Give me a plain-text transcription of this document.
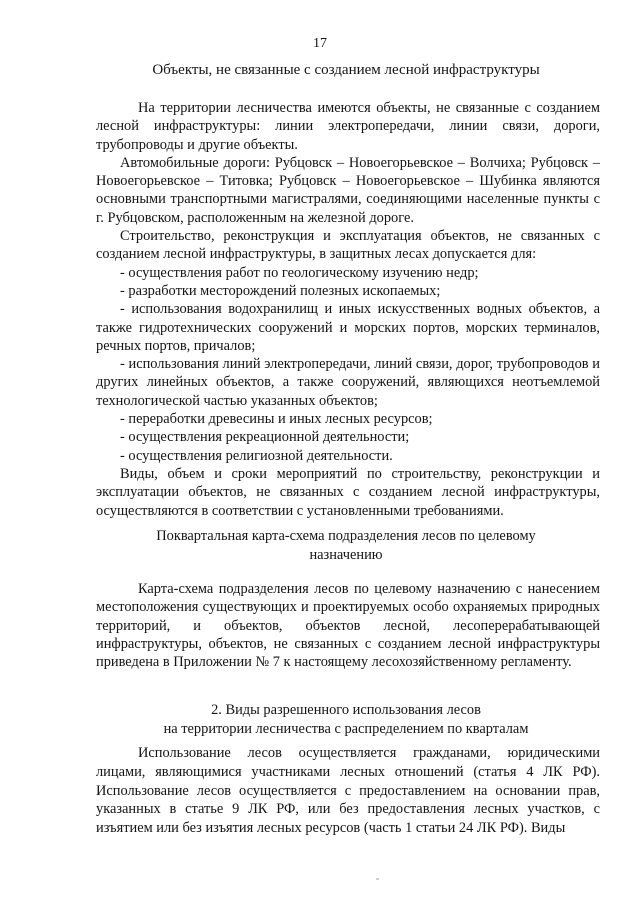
17
Объекты, не связанные с созданием лесной инфраструктуры

На территории лесничества имеются объекты, не связанные с созданием лесной инфраструктуры: линии электропередачи, линии связи, дороги, трубопроводы и другие объекты.

Автомобильные дороги: Рубцовск – Новоегорьевское – Волчиха; Рубцовск – Новоегорьевское – Титовка; Рубцовск – Новоегорьевское – Шубинка являются основными транспортными магистралями, соединяющими населенные пункты с г. Рубцовском, расположенным на железной дороге.

Строительство, реконструкция и эксплуатация объектов, не связанных с созданием лесной инфраструктуры, в защитных лесах допускается для:

- осуществления работ по геологическому изучению недр;

- разработки месторождений полезных ископаемых;

- использования водохранилищ и иных искусственных водных объектов, а также гидротехнических сооружений и морских портов, морских терминалов, речных портов, причалов;

- использования линий электропередачи, линий связи, дорог, трубопроводов и других линейных объектов, а также сооружений, являющихся неотъемлемой технологической частью указанных объектов;

- переработки древесины и иных лесных ресурсов;

- осуществления рекреационной деятельности;

- осуществления религиозной деятельности.

Виды, объем и сроки мероприятий по строительству, реконструкции и эксплуатации объектов, не связанных с созданием лесной инфраструктуры, осуществляются в соответствии с установленными требованиями.

Поквартальная карта-схема подразделения лесов по целевому
назначению

Карта-схема подразделения лесов по целевому назначению с нанесением местоположения существующих и проектируемых особо охраняемых природных территорий, и объектов, объектов лесной, лесоперерабатывающей инфраструктуры, объектов, не связанных с созданием лесной инфраструктуры приведена в Приложении № 7 к настоящему лесохозяйственному регламенту.

2. Виды разрешенного использования лесов
на территории лесничества с распределением по кварталам

Использование лесов осуществляется гражданами, юридическими лицами, являющимися участниками лесных отношений (статья 4 ЛК РФ). Использование лесов осуществляется с предоставлением на основании прав, указанных в статье 9 ЛК РФ, или без предоставления лесных участков, с изъятием или без изъятия лесных ресурсов (часть 1 статьи 24 ЛК РФ). Виды
